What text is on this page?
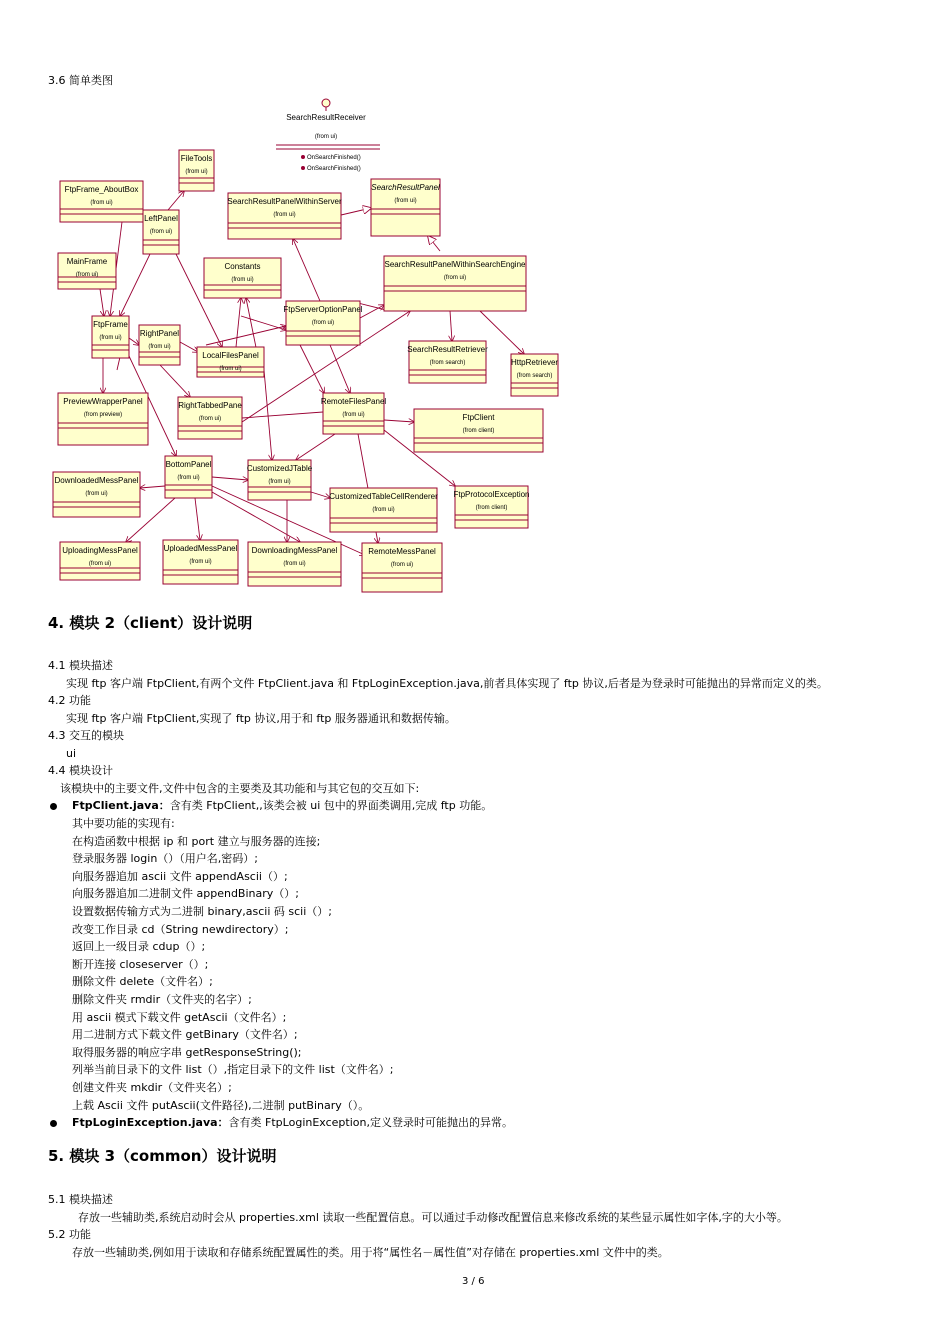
3.6 简单类图
FileTools
(from ui)
FtpFrame_AboutBox
(from ui)
LeftPanel
(from ui)
SearchResultPanelWithinServer
(from ui)
SearchResultPanel
(from ui)
MainFrame
(from ui)
Constants
(from ui)
SearchResultPanelWithinSearchEngine
(from ui)
FtpFrame
(from ui) RightPanel
(from ui)
FtpServerOptionPanel
(from ui)
LocalFilesPanel
(from ui)
SearchResultRetriever
(from search)	HttpRetriever
(from search)
PreviewWrapperPanel
(from preview)
RightTabbedPane
(from ui)
RemoteFilesPanel
(from ui)	FtpClient
(from client)
DownloadedMessPanel
(from ui)
BottomPanel
(from ui)
CustomizedJTable
(from ui)
CustomizedTableCellRenderer
(from ui)
FtpProtocolException
(from client)
UploadingMessPanel
(from ui)
UploadedMessPanel
(from ui)
DownloadingMessPanel
(from ui)
RemoteMessPanel
(from ui)
SearchResultReceiver
(from ui)
OnSearchFinished()
OnSearchFinished()
4. 模块 2（client）设计说明
4.1 模块描述
实现 ftp 客户端 FtpClient,有两个文件 FtpClient.java 和 FtpLoginException.java,前者具体实现了 ftp 协议,后者是为登录时可能抛出的异常而定义的类。
4.2 功能
实现 ftp 客户端 FtpClient,实现了 ftp 协议,用于和 ftp 服务器通讯和数据传输。
4.3 交互的模块
ui
4.4 模块设计
该模块中的主要文件,文件中包含的主要类及其功能和与其它包的交互如下:
FtpClient.java：含有类 FtpClient,,该类会被 ui 包中的界面类调用,完成 ftp 功能。
其中要功能的实现有:
在构造函数中根据 ip 和 port 建立与服务器的连接;
登录服务器 login（）（用户名,密码）;
向服务器追加 ascii 文件 appendAscii（）;
向服务器追加二进制文件 appendBinary（）;
设置数据传输方式为二进制 binary,ascii 码 scii（）;
改变工作目录 cd（String newdirectory）;
返回上一级目录 cdup（）;
断开连接 closeserver（）;
删除文件 delete（文件名）;
删除文件夹 rmdir（文件夹的名字）;
用 ascii 模式下载文件 getAscii（文件名）;
用二进制方式下载文件 getBinary（文件名）;
取得服务器的响应字串 getResponseString();
列举当前目录下的文件 list（）,指定目录下的文件 list（文件名）;
创建文件夹 mkdir（文件夹名）;
上载 Ascii 文件 putAscii(文件路径),二进制 putBinary（）。
FtpLoginException.java：含有类 FtpLoginException,定义登录时可能抛出的异常。
5. 模块 3（common）设计说明
5.1 模块描述
存放一些辅助类,系统启动时会从 properties.xml 读取一些配置信息。可以通过手动修改配置信息来修改系统的某些显示属性如字体,字的大小等。
5.2 功能
存放一些辅助类,例如用于读取和存储系统配置属性的类。用于将“属性名－属性值”对存储在 properties.xml 文件中的类。
3 / 6
